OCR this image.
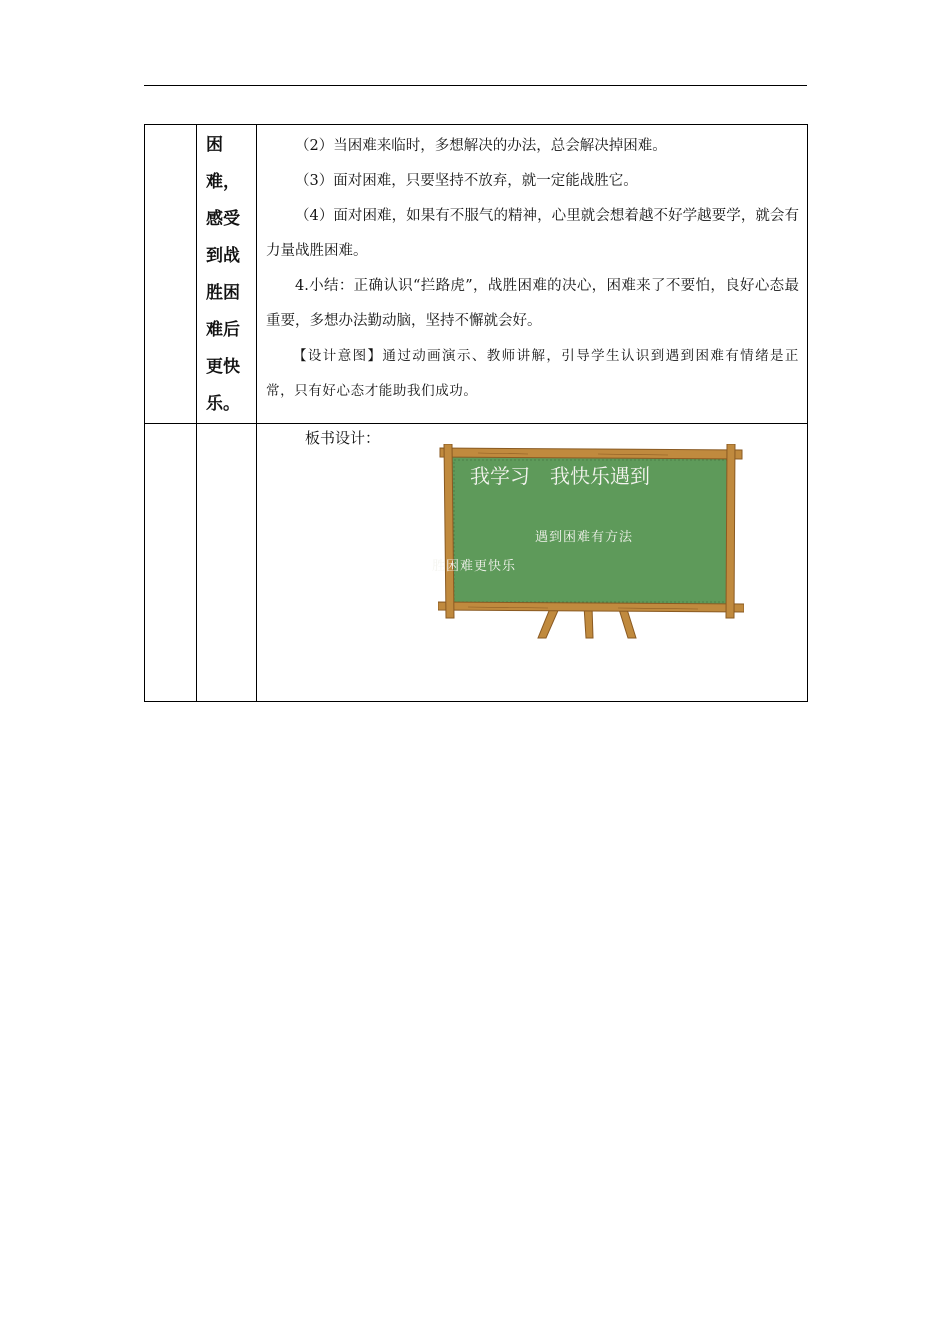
	困难，感受到战胜困难后更快乐。	（2）当困难来临时，多想解决的办法，总会解决掉困难。

（3）面对困难，只要坚持不放弃，就一定能战胜它。

（4）面对困难，如果有不服气的精神，心里就会想着越不好学越要学，就会有力量战胜困难。

4.小结：正确认识“拦路虎”，战胜困难的决心，困难来了不要怕，良好心态最重要，多想办法勤动脑，坚持不懈就会好。

【设计意图】通过动画演示、教师讲解，引导学生认识到遇到困难有情绪是正常，只有好心态才能助我们成功。

板书设计：
我学习　我快乐遇到
遇到困难有方法
胜困难更快乐
